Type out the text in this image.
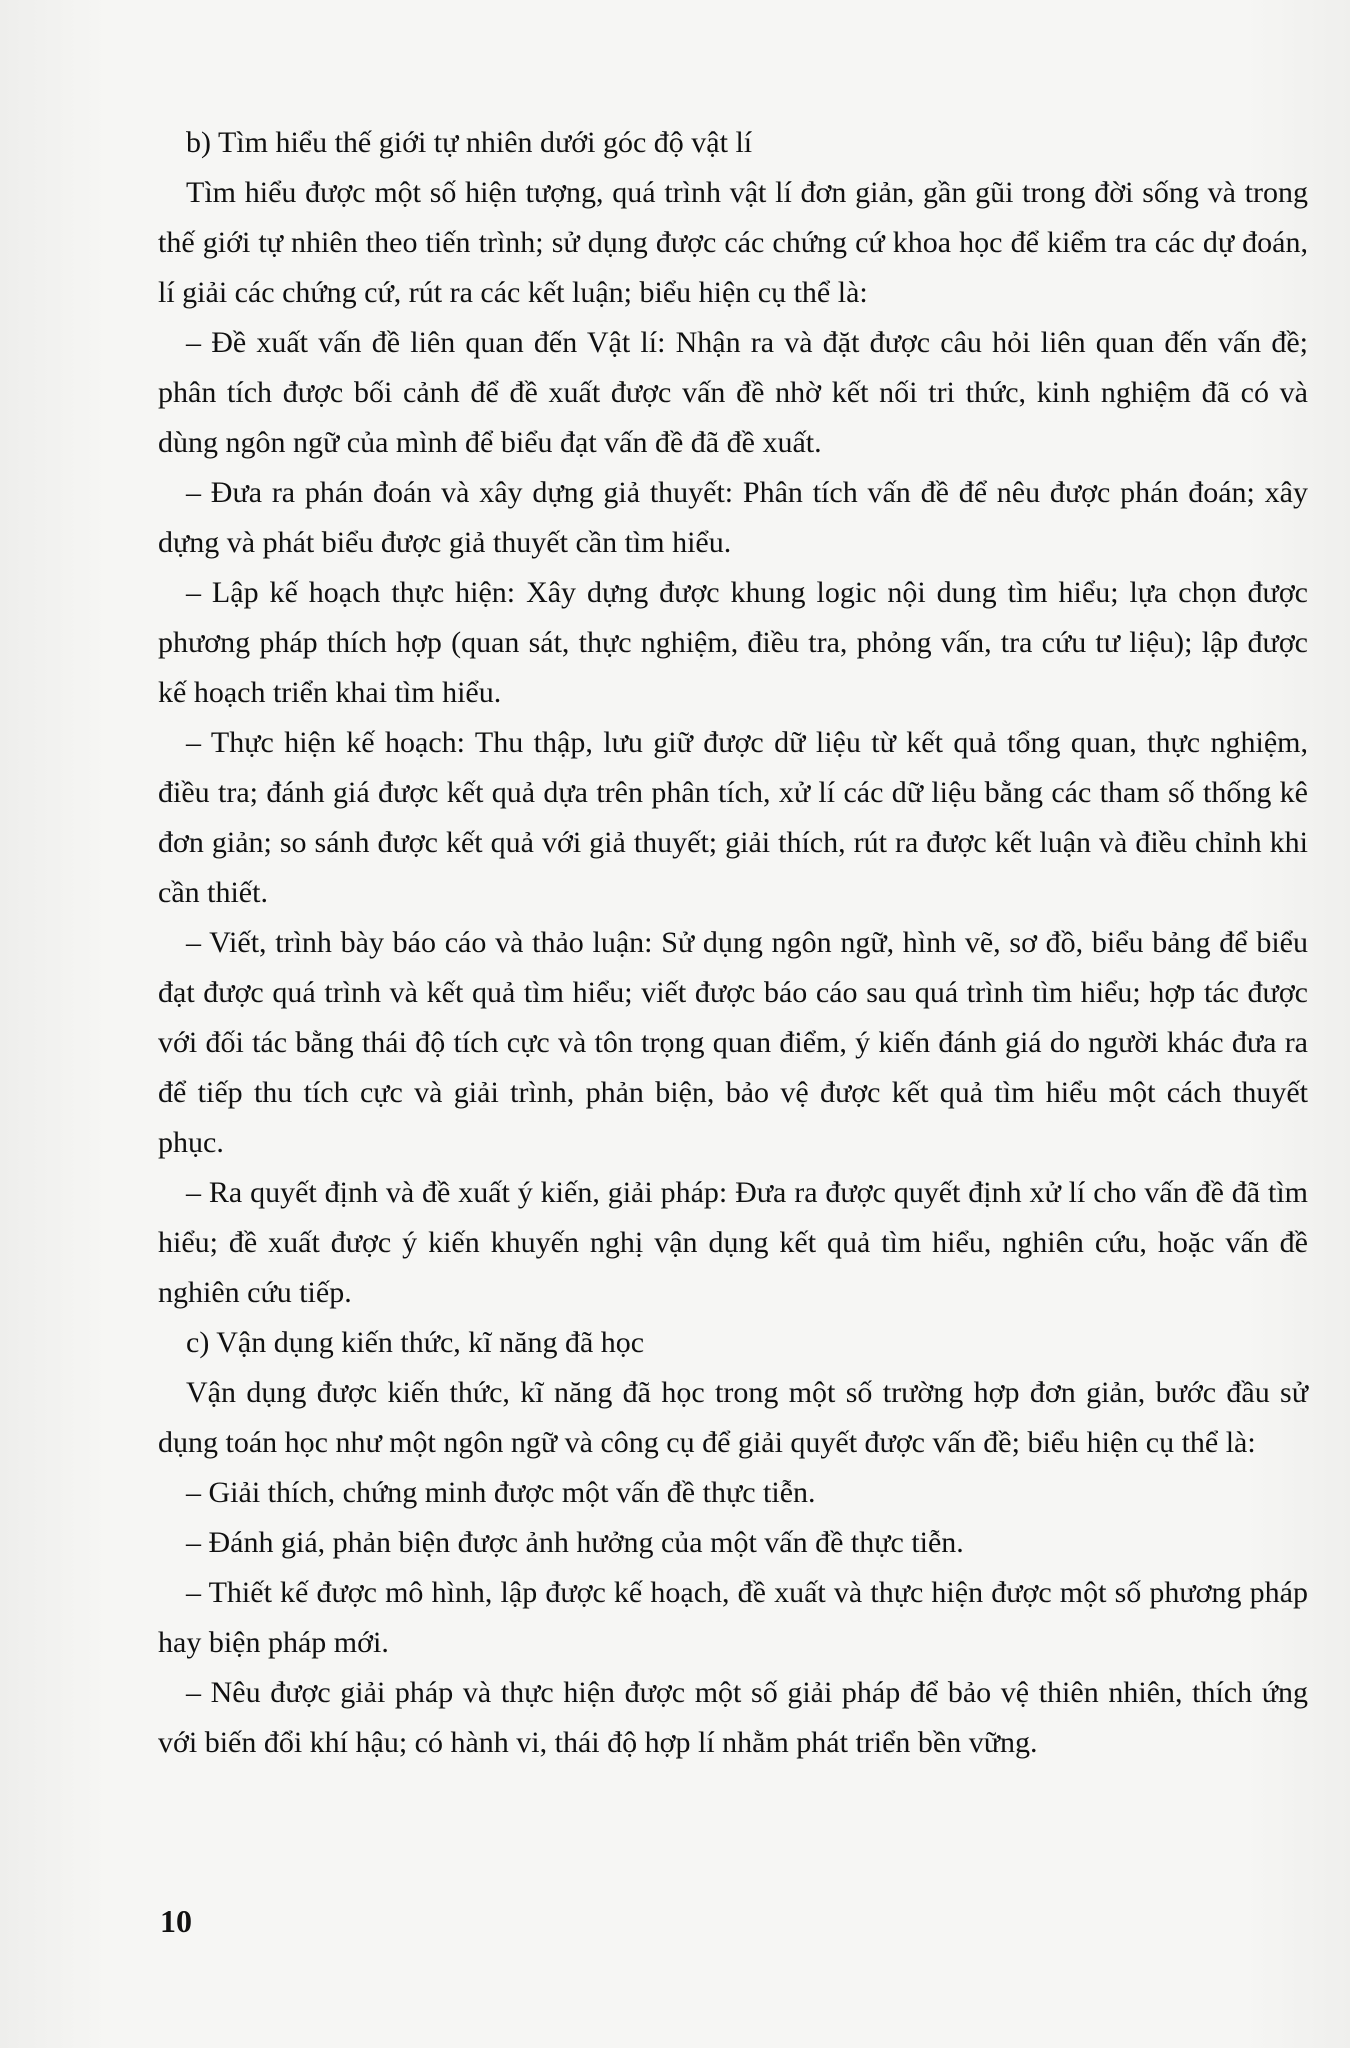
b) Tìm hiểu thế giới tự nhiên dưới góc độ vật lí

Tìm hiểu được một số hiện tượng, quá trình vật lí đơn giản, gần gũi trong đời sống và trong thế giới tự nhiên theo tiến trình; sử dụng được các chứng cứ khoa học để kiểm tra các dự đoán, lí giải các chứng cứ, rút ra các kết luận; biểu hiện cụ thể là:

– Đề xuất vấn đề liên quan đến Vật lí: Nhận ra và đặt được câu hỏi liên quan đến vấn đề; phân tích được bối cảnh để đề xuất được vấn đề nhờ kết nối tri thức, kinh nghiệm đã có và dùng ngôn ngữ của mình để biểu đạt vấn đề đã đề xuất.

– Đưa ra phán đoán và xây dựng giả thuyết: Phân tích vấn đề để nêu được phán đoán; xây dựng và phát biểu được giả thuyết cần tìm hiểu.

– Lập kế hoạch thực hiện: Xây dựng được khung logic nội dung tìm hiểu; lựa chọn được phương pháp thích hợp (quan sát, thực nghiệm, điều tra, phỏng vấn, tra cứu tư liệu); lập được kế hoạch triển khai tìm hiểu.

– Thực hiện kế hoạch: Thu thập, lưu giữ được dữ liệu từ kết quả tổng quan, thực nghiệm, điều tra; đánh giá được kết quả dựa trên phân tích, xử lí các dữ liệu bằng các tham số thống kê đơn giản; so sánh được kết quả với giả thuyết; giải thích, rút ra được kết luận và điều chỉnh khi cần thiết.

– Viết, trình bày báo cáo và thảo luận: Sử dụng ngôn ngữ, hình vẽ, sơ đồ, biểu bảng để biểu đạt được quá trình và kết quả tìm hiểu; viết được báo cáo sau quá trình tìm hiểu; hợp tác được với đối tác bằng thái độ tích cực và tôn trọng quan điểm, ý kiến đánh giá do người khác đưa ra để tiếp thu tích cực và giải trình, phản biện, bảo vệ được kết quả tìm hiểu một cách thuyết phục.

– Ra quyết định và đề xuất ý kiến, giải pháp: Đưa ra được quyết định xử lí cho vấn đề đã tìm hiểu; đề xuất được ý kiến khuyến nghị vận dụng kết quả tìm hiểu, nghiên cứu, hoặc vấn đề nghiên cứu tiếp.

c) Vận dụng kiến thức, kĩ năng đã học

Vận dụng được kiến thức, kĩ năng đã học trong một số trường hợp đơn giản, bước đầu sử dụng toán học như một ngôn ngữ và công cụ để giải quyết được vấn đề; biểu hiện cụ thể là:

– Giải thích, chứng minh được một vấn đề thực tiễn.

– Đánh giá, phản biện được ảnh hưởng của một vấn đề thực tiễn.

– Thiết kế được mô hình, lập được kế hoạch, đề xuất và thực hiện được một số phương pháp hay biện pháp mới.

– Nêu được giải pháp và thực hiện được một số giải pháp để bảo vệ thiên nhiên, thích ứng với biến đổi khí hậu; có hành vi, thái độ hợp lí nhằm phát triển bền vững.

10
